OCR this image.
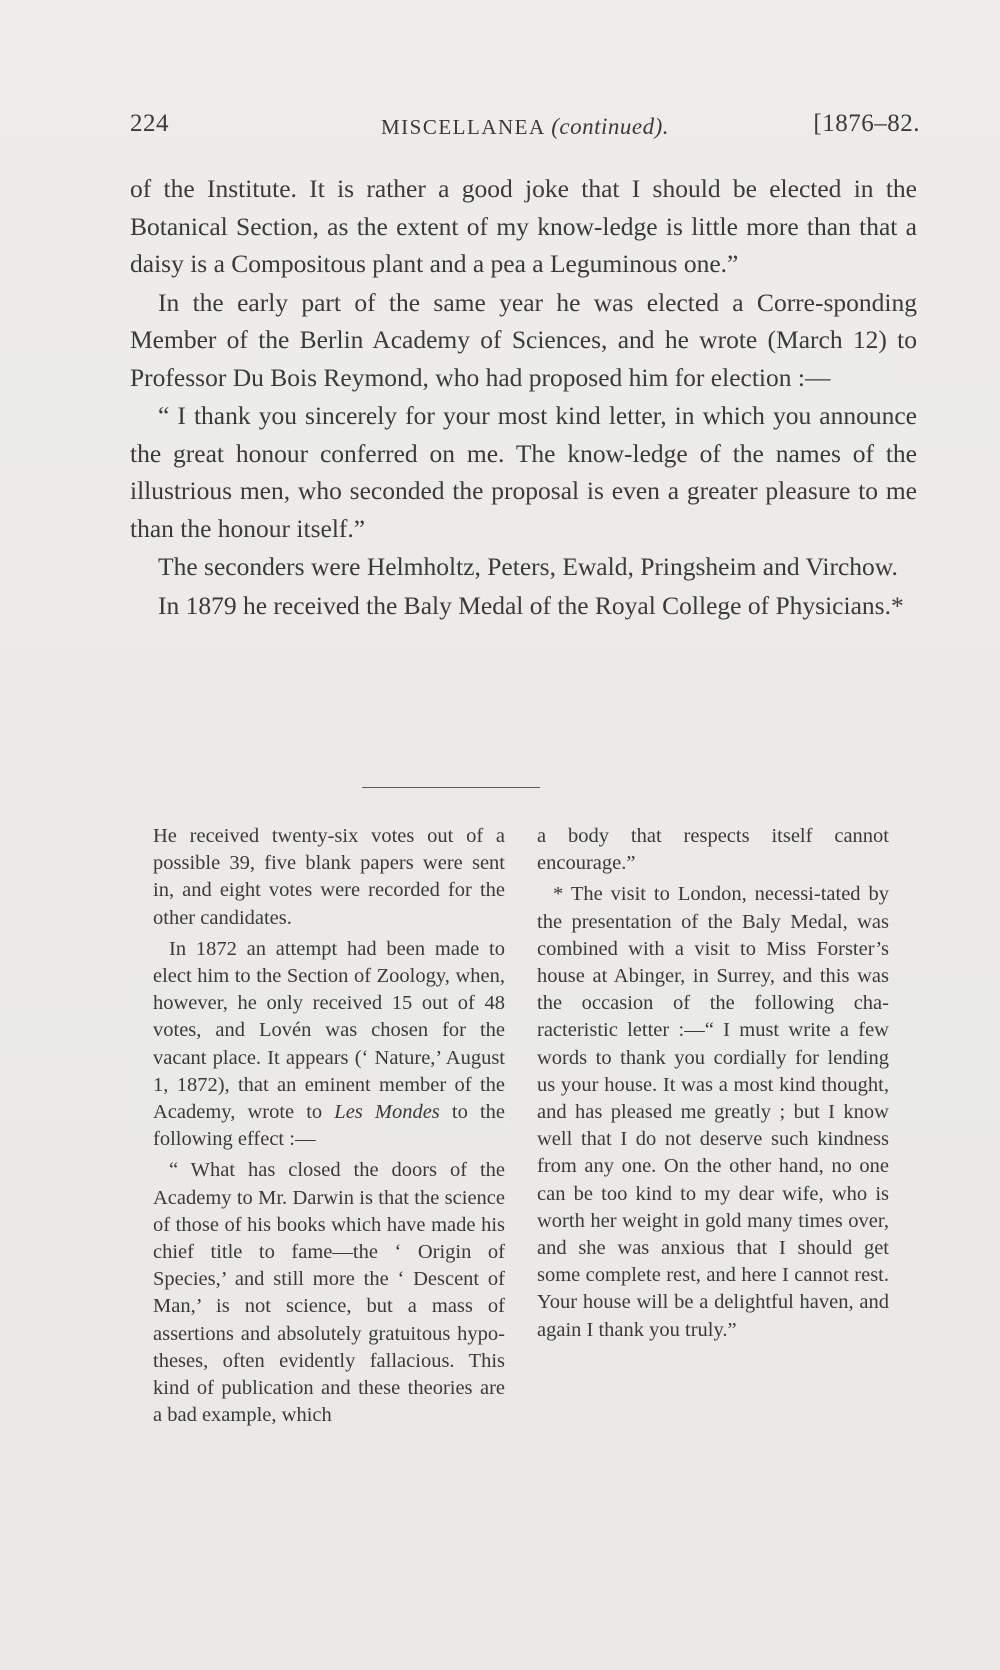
224	MISCELLANEA (continued).	[1876–82.

of the Institute. It is rather a good joke that I should be elected in the Botanical Section, as the extent of my know-ledge is little more than that a daisy is a Compositous plant and a pea a Leguminous one.”

In the early part of the same year he was elected a Corre-sponding Member of the Berlin Academy of Sciences, and he wrote (March 12) to Professor Du Bois Reymond, who had proposed him for election :—

“ I thank you sincerely for your most kind letter, in which you announce the great honour conferred on me. The know-ledge of the names of the illustrious men, who seconded the proposal is even a greater pleasure to me than the honour itself.”

The seconders were Helmholtz, Peters, Ewald, Pringsheim and Virchow.

In 1879 he received the Baly Medal of the Royal College of Physicians.*

He received twenty-six votes out of a possible 39, five blank papers were sent in, and eight votes were recorded for the other candidates.

In 1872 an attempt had been made to elect him to the Section of Zoology, when, however, he only received 15 out of 48 votes, and Lovén was chosen for the vacant place. It appears (‘ Nature,’ August 1, 1872), that an eminent member of the Academy, wrote to Les Mondes to the following effect :—

“ What has closed the doors of the Academy to Mr. Darwin is that the science of those of his books which have made his chief title to fame—the ‘ Origin of Species,’ and still more the ‘ Descent of Man,’ is not science, but a mass of assertions and absolutely gratuitous hypo-theses, often evidently fallacious. This kind of publication and these theories are a bad example, which

a body that respects itself cannot encourage.”

* The visit to London, necessi-tated by the presentation of the Baly Medal, was combined with a visit to Miss Forster’s house at Abinger, in Surrey, and this was the occasion of the following cha-racteristic letter :—“ I must write a few words to thank you cordially for lending us your house. It was a most kind thought, and has pleased me greatly ; but I know well that I do not deserve such kindness from any one. On the other hand, no one can be too kind to my dear wife, who is worth her weight in gold many times over, and she was anxious that I should get some complete rest, and here I cannot rest. Your house will be a delightful haven, and again I thank you truly.”
